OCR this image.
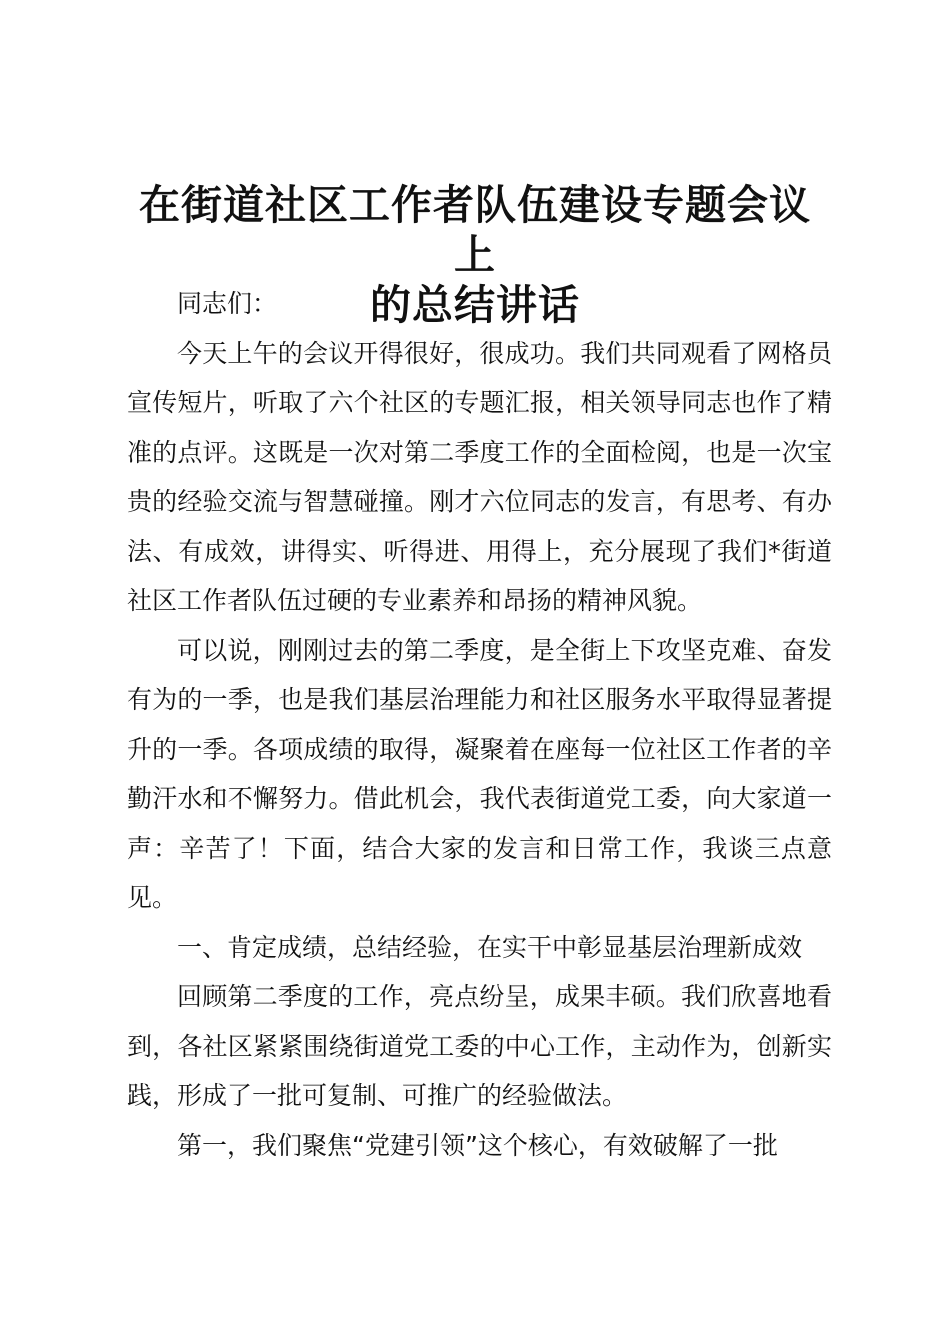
在街道社区工作者队伍建设专题会议上
的总结讲话

同志们：

今天上午的会议开得很好，很成功。我们共同观看了网格员宣传短片，听取了六个社区的专题汇报，相关领导同志也作了精准的点评。这既是一次对第二季度工作的全面检阅，也是一次宝贵的经验交流与智慧碰撞。刚才六位同志的发言，有思考、有办法、有成效，讲得实、听得进、用得上，充分展现了我们*街道社区工作者队伍过硬的专业素养和昂扬的精神风貌。

可以说，刚刚过去的第二季度，是全街上下攻坚克难、奋发有为的一季，也是我们基层治理能力和社区服务水平取得显著提升的一季。各项成绩的取得，凝聚着在座每一位社区工作者的辛勤汗水和不懈努力。借此机会，我代表街道党工委，向大家道一声：辛苦了！下面，结合大家的发言和日常工作，我谈三点意见。

一、肯定成绩，总结经验，在实干中彰显基层治理新成效

回顾第二季度的工作，亮点纷呈，成果丰硕。我们欣喜地看到，各社区紧紧围绕街道党工委的中心工作，主动作为，创新实践，形成了一批可复制、可推广的经验做法。

第一，我们聚焦“党建引领”这个核心，有效破解了一批
